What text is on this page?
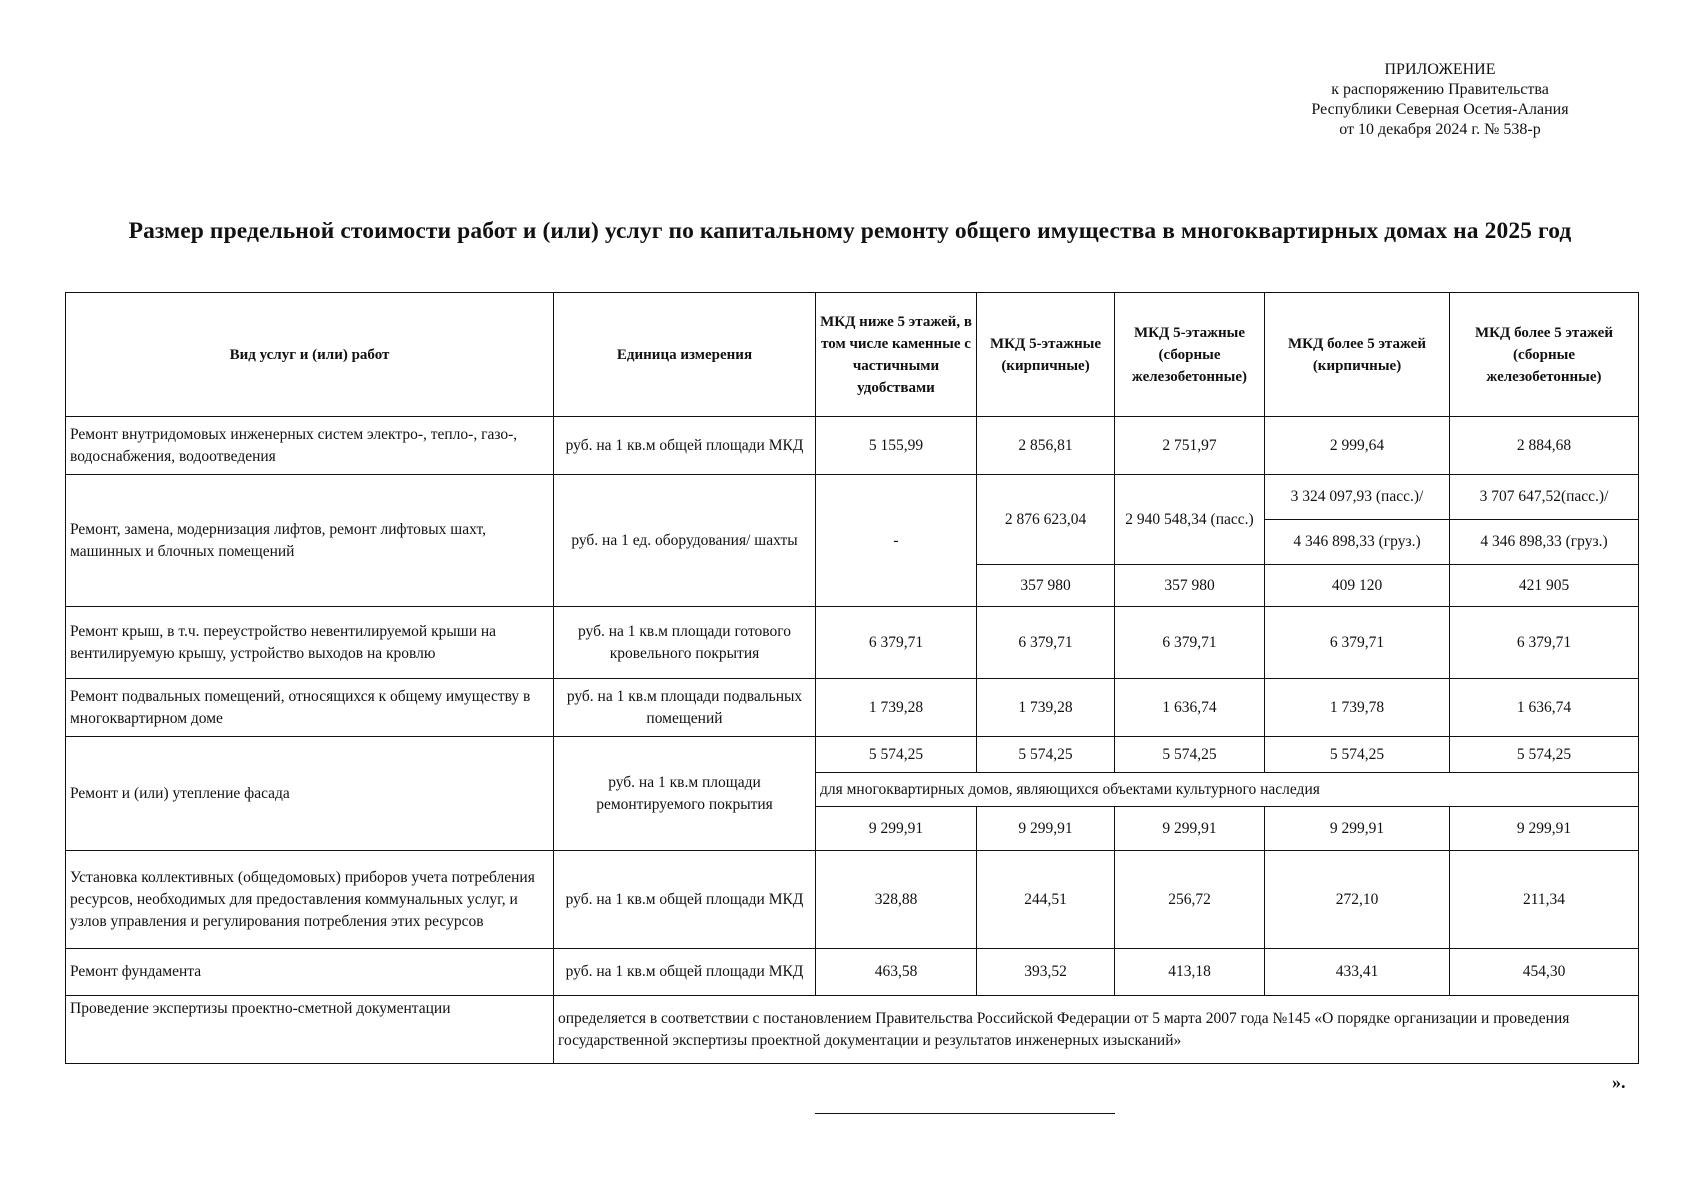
ПРИЛОЖЕНИЕ
к распоряжению Правительства
Республики Северная Осетия-Алания
от 10 декабря 2024 г. № 538-р
Размер предельной стоимости работ и (или) услуг по капитальному ремонту общего имущества в многоквартирных домах на 2025 год
Вид услуг и (или) работ	Единица измерения	МКД ниже 5 этажей, в том числе каменные с частичными удобствами	МКД 5-этажные (кирпичные)	МКД 5-этажные (сборные железобетонные)	МКД более 5 этажей (кирпичные)	МКД более 5 этажей (сборные железобетонные)
Ремонт внутридомовых инженерных систем электро-, тепло-, газо-, водоснабжения, водоотведения	руб. на 1 кв.м общей площади МКД	5 155,99	2 856,81	2 751,97	2 999,64	2 884,68
Ремонт, замена, модернизация лифтов, ремонт лифтовых шахт, машинных и блочных помещений	руб. на 1 ед. оборудования/ шахты	-	2 876 623,04	2 940 548,34 (пасс.)	3 324 097,93 (пасс.)/	3 707 647,52(пасс.)/
					4 346 898,33 (груз.)	4 346 898,33 (груз.)
			357 980	357 980	409 120	421 905
Ремонт крыш, в т.ч. переустройство невентилируемой крыши на вентилируемую крышу, устройство выходов на кровлю	руб. на 1 кв.м площади готового кровельного покрытия	6 379,71	6 379,71	6 379,71	6 379,71	6 379,71
Ремонт подвальных помещений, относящихся к общему имуществу в многоквартирном доме	руб. на 1 кв.м площади подвальных помещений	1 739,28	1 739,28	1 636,74	1 739,78	1 636,74
Ремонт и (или) утепление фасада	руб. на 1 кв.м площади ремонтируемого покрытия	5 574,25	5 574,25	5 574,25	5 574,25	5 574,25
		для многоквартирных домов, являющихся объектами культурного наследия				
		9 299,91	9 299,91	9 299,91	9 299,91	9 299,91
Установка коллективных (общедомовых) приборов учета потребления ресурсов, необходимых для предоставления коммунальных услуг, и узлов управления и регулирования потребления этих ресурсов	руб. на 1 кв.м общей площади МКД	328,88	244,51	256,72	272,10	211,34
Ремонт фундамента	руб. на 1 кв.м общей площади МКД	463,58	393,52	413,18	433,41	454,30
Проведение экспертизы проектно-сметной документации	определяется в соответствии с постановлением Правительства Российской Федерации от 5 марта 2007 года №145 «О порядке организации и проведения государственной экспертизы проектной документации и результатов инженерных изысканий»					
».
